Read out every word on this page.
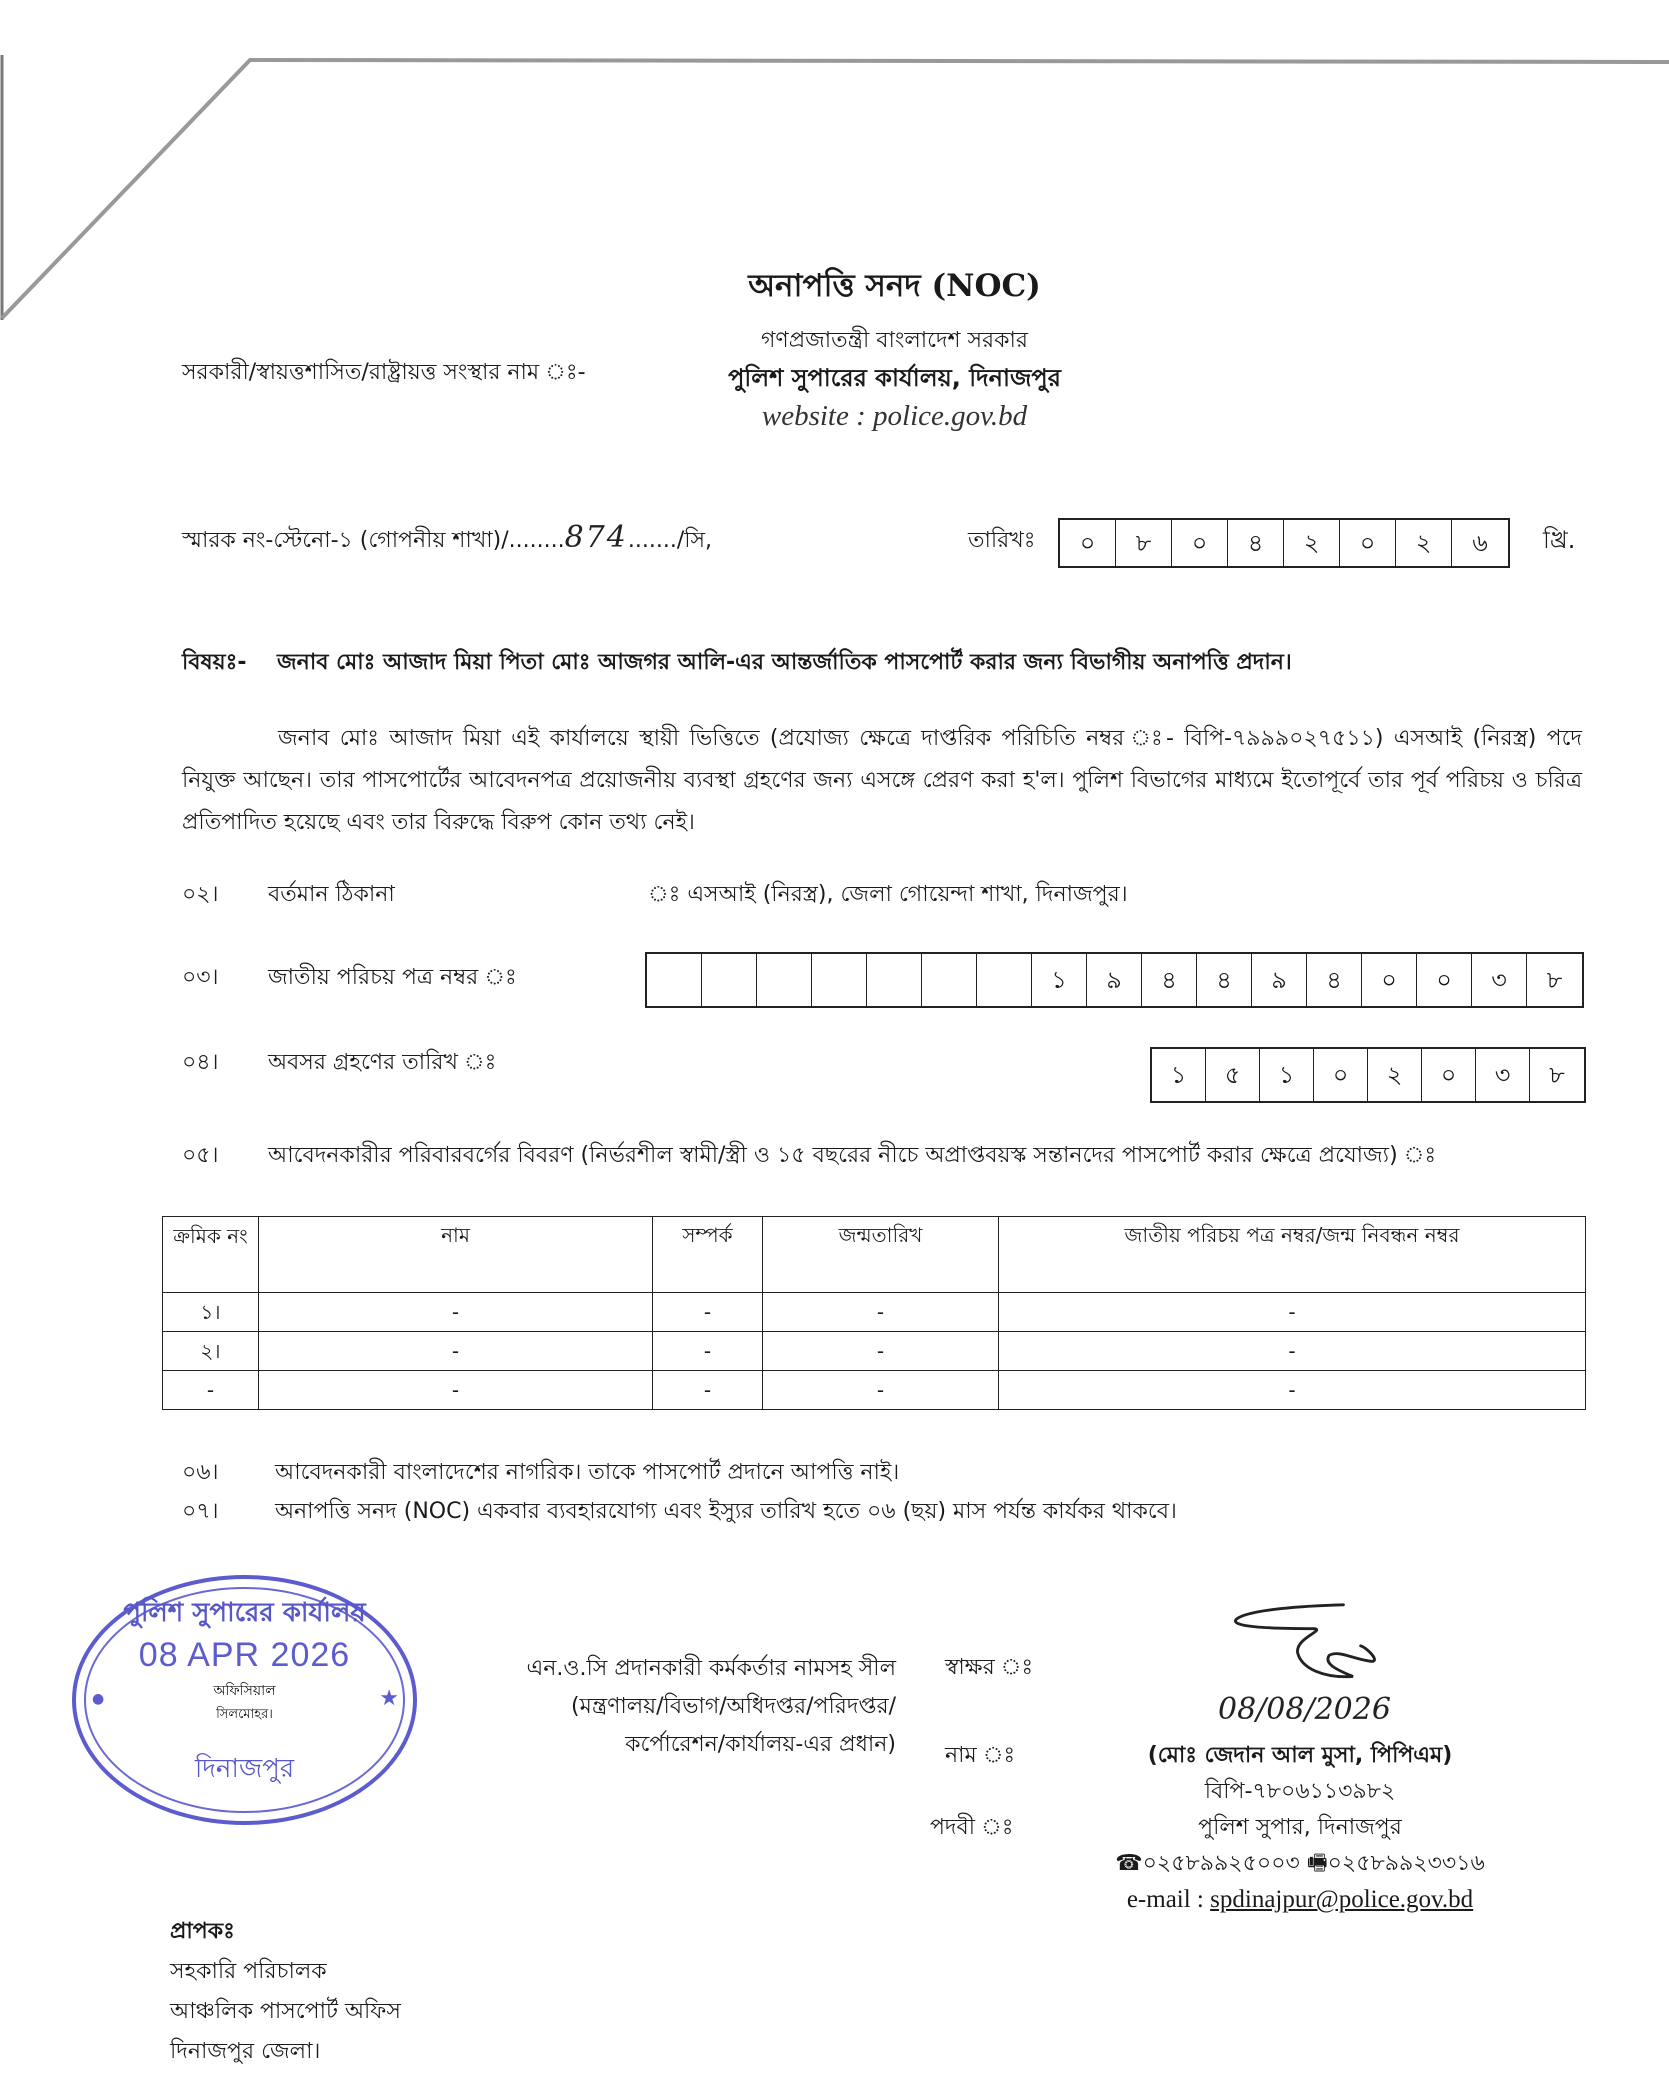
অনাপত্তি সনদ (NOC)
গণপ্রজাতন্ত্রী বাংলাদেশ সরকার
পুলিশ সুপারের কার্যালয়, দিনাজপুর
website : police.gov.bd
সরকারী/স্বায়ত্তশাসিত/রাষ্ট্রায়ত্ত সংস্থার নাম ঃ-
স্মারক নং-স্টেনো-১ (গোপনীয় শাখা)/........874......./সি,	তারিখঃ	০	৮	০	৪	২	০	২	৬	খ্রি.
বিষয়ঃ- জনাব মোঃ আজাদ মিয়া পিতা মোঃ আজগর আলি-এর আন্তর্জাতিক পাসপোর্ট করার জন্য বিভাগীয় অনাপত্তি প্রদান।
জনাব মোঃ আজাদ মিয়া এই কার্যালয়ে স্থায়ী ভিত্তিতে (প্রযোজ্য ক্ষেত্রে দাপ্তরিক পরিচিতি নম্বর ঃ- বিপি-৭৯৯৯০২৭৫১১) এসআই (নিরস্ত্র) পদে নিযুক্ত আছেন। তার পাসপোর্টের আবেদনপত্র প্রয়োজনীয় ব্যবস্থা গ্রহণের জন্য এসঙ্গে প্রেরণ করা হ'ল। পুলিশ বিভাগের মাধ্যমে ইতোপূর্বে তার পূর্ব পরিচয় ও চরিত্র প্রতিপাদিত হয়েছে এবং তার বিরুদ্ধে বিরুপ কোন তথ্য নেই।
০২। বর্তমান ঠিকানা	ঃ এসআই (নিরস্ত্র), জেলা গোয়েন্দা শাখা, দিনাজপুর।
০৩। জাতীয় পরিচয় পত্র নম্বর ঃ	১	৯	৪	৪	৯	৪	০	০	৩	৮
০৪। অবসর গ্রহণের তারিখ ঃ	১	৫	১	০	২	০	৩	৮
০৫। আবেদনকারীর পরিবারবর্গের বিবরণ (নির্ভরশীল স্বামী/স্ত্রী ও ১৫ বছরের নীচে অপ্রাপ্তবয়স্ক সন্তানদের পাসপোর্ট করার ক্ষেত্রে প্রযোজ্য) ঃ
ক্রমিক নং	নাম	সম্পর্ক	জন্মতারিখ	জাতীয় পরিচয় পত্র নম্বর/জন্ম নিবন্ধন নম্বর
১।	-	-	-	-
২।	-	-	-	-
-	-	-	-	-
০৬।	আবেদনকারী বাংলাদেশের নাগরিক। তাকে পাসপোর্ট প্রদানে আপত্তি নাই।
০৭।	অনাপত্তি সনদ (NOC) একবার ব্যবহারযোগ্য এবং ইস্যুর তারিখ হতে ০৬ (ছয়) মাস পর্যন্ত কার্যকর থাকবে।
পুলিশ সুপারের কার্যালয়
08 APR 2026
অফিসিয়াল
সিলমোহর।
★
●
দিনাজপুর
এন.ও.সি প্রদানকারী কর্মকর্তার নামসহ সীল
(মন্ত্রণালয়/বিভাগ/অধিদপ্তর/পরিদপ্তর/
কর্পোরেশন/কার্যালয়-এর প্রধান)
স্বাক্ষর ঃ
নাম ঃ
পদবী ঃ
08/08/2026
(মোঃ জেদান আল মুসা, পিপিএম)
বিপি-৭৮০৬১১৩৯৮২
পুলিশ সুপার, দিনাজপুর
☎০২৫৮৯৯২৫০০৩ 🖷০২৫৮৯৯২৩৩১৬
e-mail : spdinajpur@police.gov.bd
প্রাপকঃ
সহকারি পরিচালক
আঞ্চলিক পাসপোর্ট অফিস
দিনাজপুর জেলা।
